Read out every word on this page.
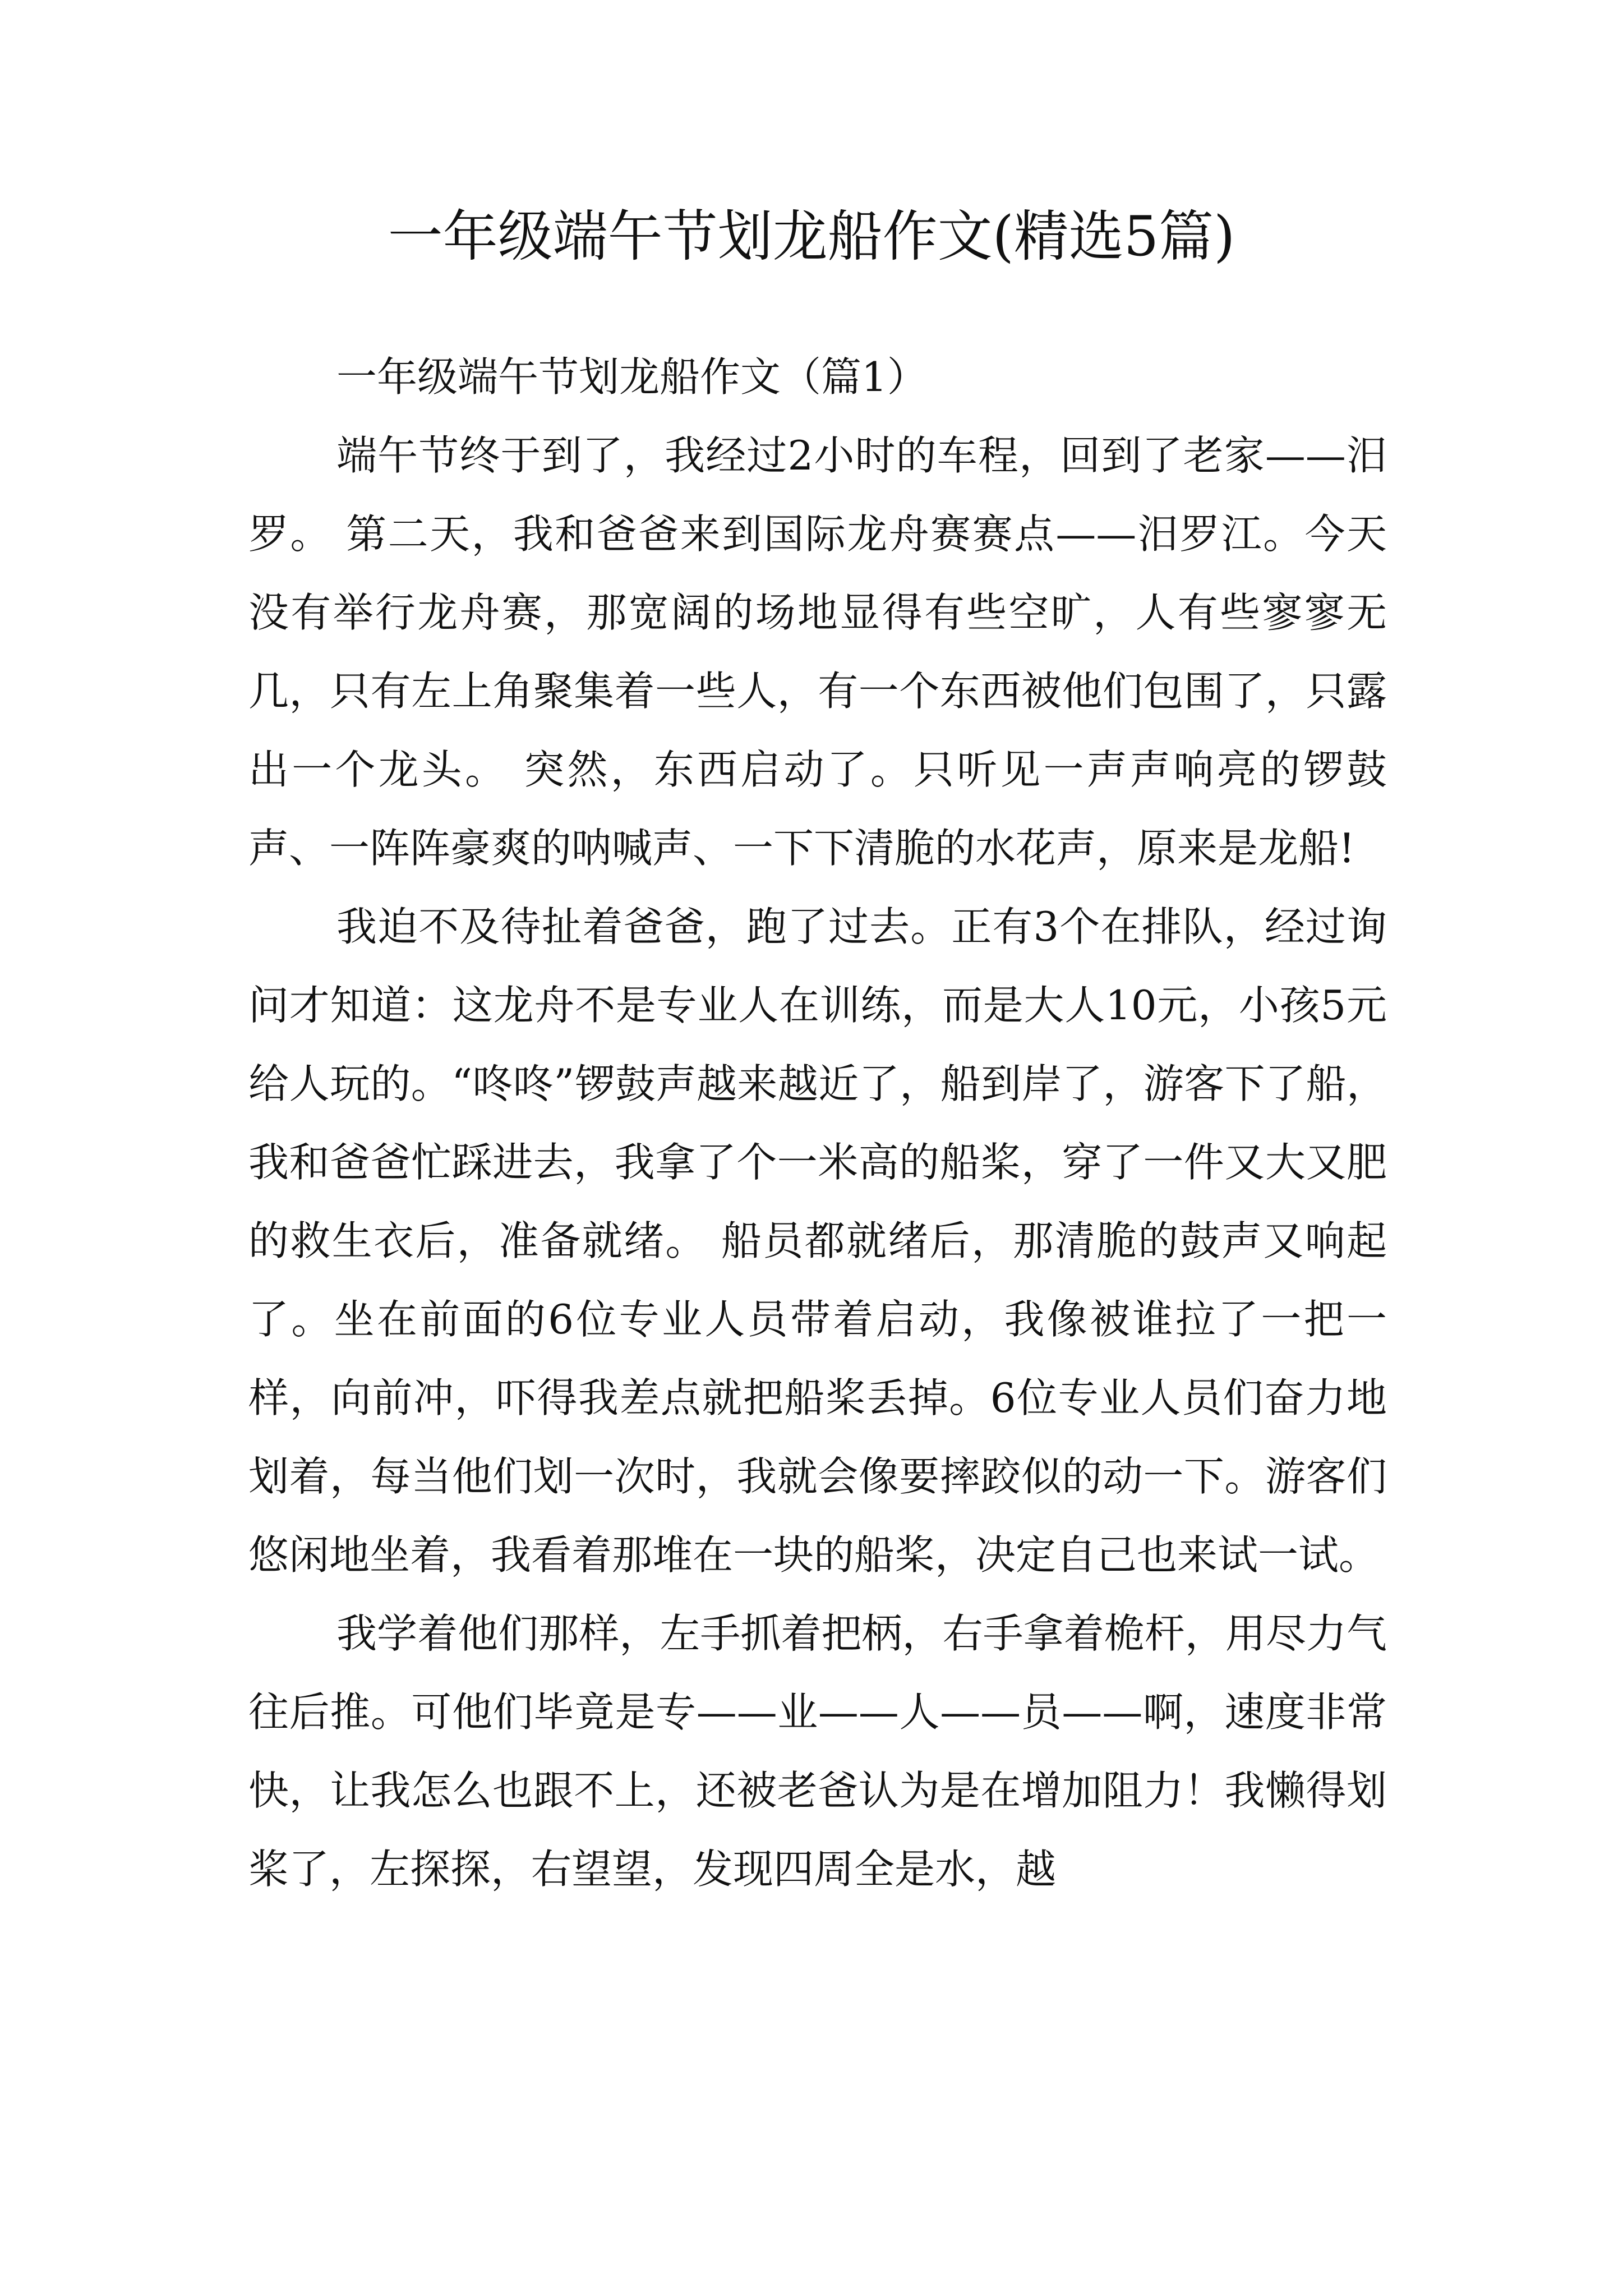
一年级端午节划龙船作文(精选5篇)

一年级端午节划龙船作文（篇1）

端午节终于到了，我经过2小时的车程，回到了老家——汨罗。 第二天，我和爸爸来到国际龙舟赛赛点——汨罗江。今天没有举行龙舟赛，那宽阔的场地显得有些空旷，人有些寥寥无几，只有左上角聚集着一些人，有一个东西被他们包围了，只露出一个龙头。 突然，东西启动了。只听见一声声响亮的锣鼓声、一阵阵豪爽的呐喊声、一下下清脆的水花声，原来是龙船!

我迫不及待扯着爸爸，跑了过去。正有3个在排队，经过询问才知道：这龙舟不是专业人在训练，而是大人10元，小孩5元给人玩的。“咚咚”锣鼓声越来越近了，船到岸了，游客下了船，我和爸爸忙踩进去，我拿了个一米高的船桨，穿了一件又大又肥的救生衣后，准备就绪。 船员都就绪后，那清脆的鼓声又响起了。坐在前面的6位专业人员带着启动，我像被谁拉了一把一样，向前冲，吓得我差点就把船桨丢掉。6位专业人员们奋力地划着，每当他们划一次时，我就会像要摔跤似的动一下。游客们悠闲地坐着，我看着那堆在一块的船桨，决定自己也来试一试。

我学着他们那样，左手抓着把柄，右手拿着桅杆，用尽力气往后推。可他们毕竟是专——业——人——员——啊，速度非常快，让我怎么也跟不上，还被老爸认为是在增加阻力！我懒得划桨了，左探探，右望望，发现四周全是水，越
